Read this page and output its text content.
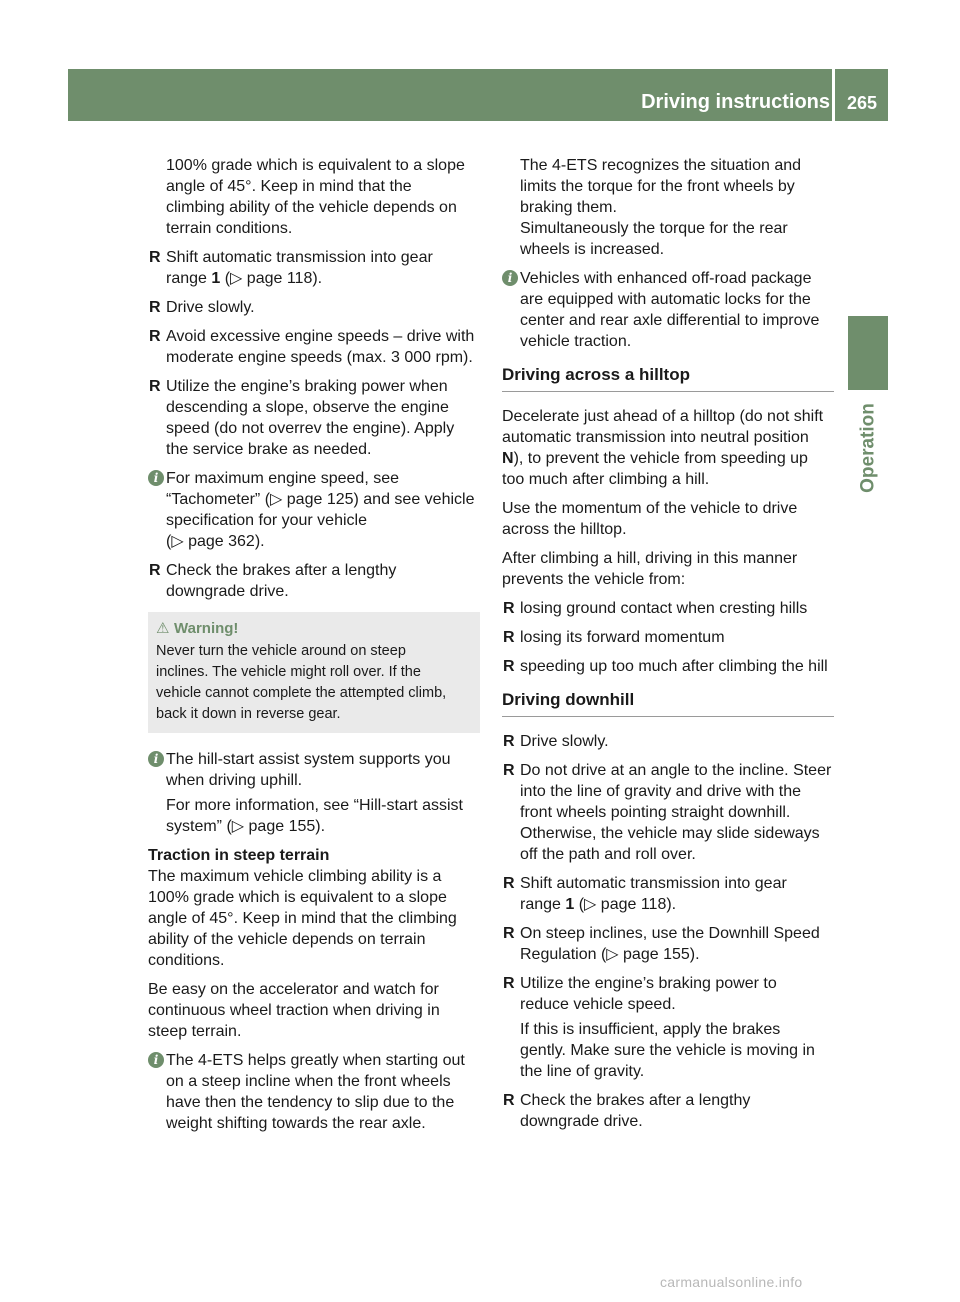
Driving instructions 265
Operation
100% grade which is equivalent to a slope
angle of 45°. Keep in mind that the
climbing ability of the vehicle depends on
terrain conditions.
R Shift automatic transmission into gear
range 1 (▷ page 118).
R Drive slowly.
R Avoid excessive engine speeds – drive with
moderate engine speeds (max. 3 000 rpm).
R Utilize the engine’s braking power when
descending a slope, observe the engine
speed (do not overrev the engine). Apply
the service brake as needed.
i For maximum engine speed, see
“Tachometer” (▷ page 125) and see vehicle
specification for your vehicle
(▷ page 362).
R Check the brakes after a lengthy
downgrade drive.
⚠ Warning!
Never turn the vehicle around on steep
inclines. The vehicle might roll over. If the
vehicle cannot complete the attempted climb,
back it down in reverse gear.
i The hill-start assist system supports you
when driving uphill.
For more information, see “Hill-start assist
system” (▷ page 155).
Traction in steep terrain
The maximum vehicle climbing ability is a
100% grade which is equivalent to a slope
angle of 45°. Keep in mind that the climbing
ability of the vehicle depends on terrain
conditions.
Be easy on the accelerator and watch for
continuous wheel traction when driving in
steep terrain.
i The 4-ETS helps greatly when starting out
on a steep incline when the front wheels
have then the tendency to slip due to the
weight shifting towards the rear axle.
The 4-ETS recognizes the situation and
limits the torque for the front wheels by
braking them.
Simultaneously the torque for the rear
wheels is increased.
i Vehicles with enhanced off-road package
are equipped with automatic locks for the
center and rear axle differential to improve
vehicle traction.
Driving across a hilltop
Decelerate just ahead of a hilltop (do not shift
automatic transmission into neutral position
N), to prevent the vehicle from speeding up
too much after climbing a hill.
Use the momentum of the vehicle to drive
across the hilltop.
After climbing a hill, driving in this manner
prevents the vehicle from:
R losing ground contact when cresting hills
R losing its forward momentum
R speeding up too much after climbing the hill
Driving downhill
R Drive slowly.
R Do not drive at an angle to the incline. Steer
into the line of gravity and drive with the
front wheels pointing straight downhill.
Otherwise, the vehicle may slide sideways
off the path and roll over.
R Shift automatic transmission into gear
range 1 (▷ page 118).
R On steep inclines, use the Downhill Speed
Regulation (▷ page 155).
R Utilize the engine’s braking power to
reduce vehicle speed.
If this is insufficient, apply the brakes
gently. Make sure the vehicle is moving in
the line of gravity.
R Check the brakes after a lengthy
downgrade drive.
carmanualsonline.info
